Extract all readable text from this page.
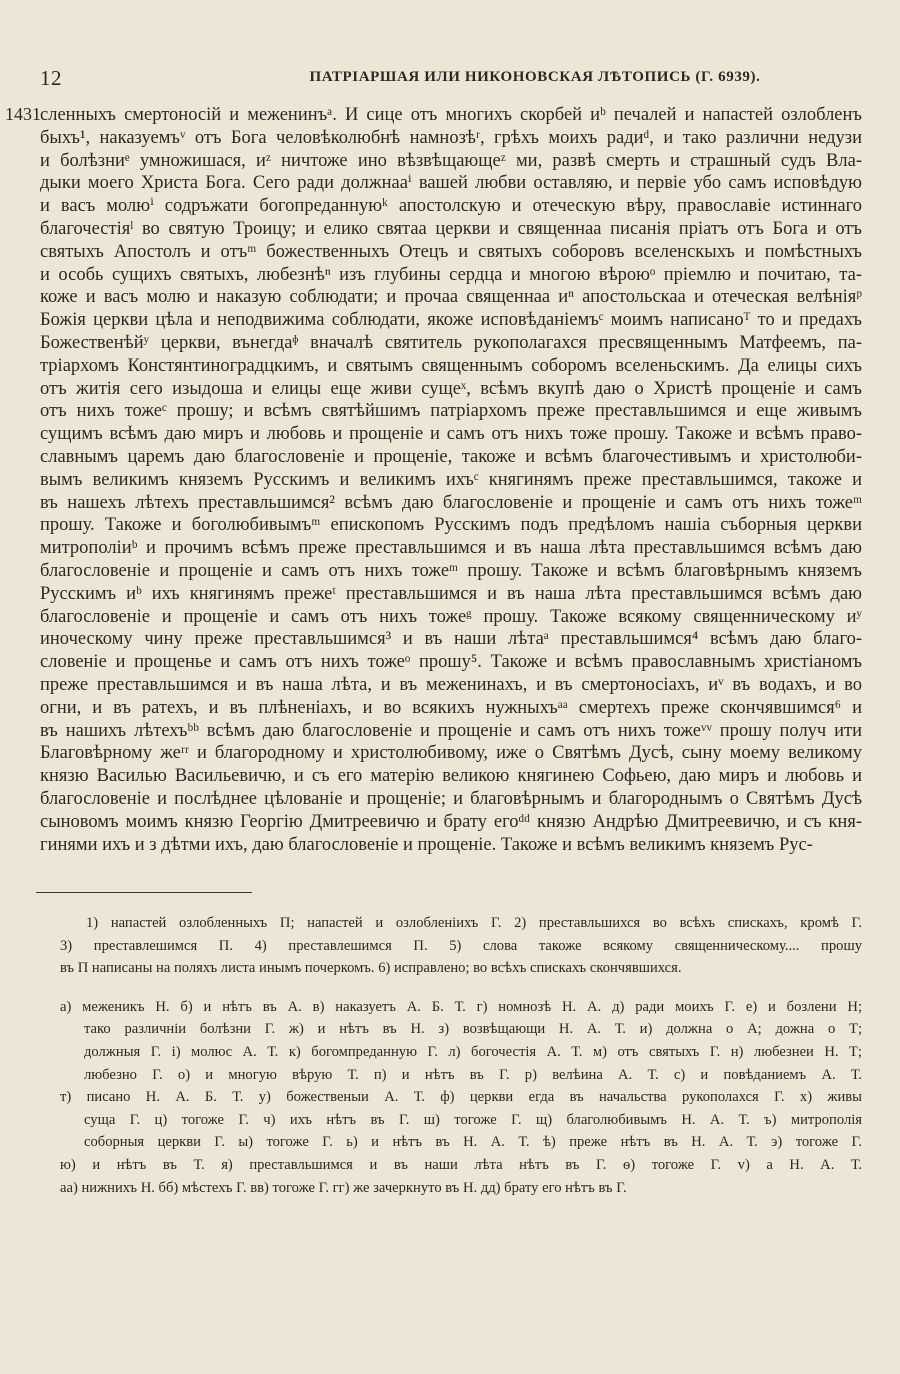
12	ПАТРІАРШАЯ ИЛИ НИКОНОВСКАЯ ЛѢТОПИСЬ (Г. 6939).
1431 сленныхъ смертоносій и меженинъᵃ. И сице отъ многихъ скорбей иᵇ печалей и напастей озлобленъ
быхъ¹, наказуемъᵛ отъ Бога человѣколюбнѣ намнозѣʳ, грѣхъ моихъ радиᵈ, и тако различни недузи
и болѣзниᵉ умножишася, иᶻ ничтоже ино вѣзвѣщающеᶻ ми, развѣ смерть и страшный судъ Вла-
дыки моего Христа Бога. Сего ради должнааⁱ вашей любви оставляю, и первіе убо самъ исповѣдую
и васъ молюⁱ содръжати богопреданнуюᵏ апостолскую и отеческую вѣру, православіе истиннаго
благочестіяˡ во святую Троицу; и елико святаа церкви и священнаа писанія пріатъ отъ Бога и отъ
святыхъ Апостолъ и отъᵐ божественныхъ Отецъ и святыхъ соборовъ вселенскыхъ и помѣстныхъ
и особь сущихъ святыхъ, любезнѣⁿ изъ глубины сердца и многою вѣроюᵒ пріемлю и почитаю, та-
коже и васъ молю и наказую соблюдати; и прочаа священнаа иⁿ апостольскаа и отеческая велѣніяᵖ
Божія церкви цѣла и неподвижима соблюдати, якоже исповѣданіемъᶜ моимъ написаноᵀ то и предахъ
Божественѣйʸ церкви, вънегдаᶲ вначалѣ святитель рукополагахся пресвященнымъ Матфеемъ, па-
тріархомъ Констянтиноградцкимъ, и святымъ священнымъ соборомъ вселеньскимъ. Да елицы сихъ
отъ житія сего изыдоша и елицы еще живи сущеˣ, всѣмъ вкупѣ даю о Христѣ прощеніе и самъ
отъ нихъ тожеᶜ прошу; и всѣмъ святѣйшимъ патріархомъ преже преставльшимся и еще живымъ
сущимъ всѣмъ даю миръ и любовь и прощеніе и самъ отъ нихъ тоже прошу. Такоже и всѣмъ право-
славнымъ царемъ даю благословеніе и прощеніе, такоже и всѣмъ благочестивымъ и христолюби-
вымъ великимъ княземъ Русскимъ и великимъ ихъᶜ княгинямъ преже преставльшимся, такоже и
въ нашехъ лѣтехъ преставльшимся² всѣмъ даю благословеніе и прощеніе и самъ отъ нихъ тожеᵐ
прошу. Такоже и боголюбивымъᵐ епископомъ Русскимъ подъ предѣломъ нашіа съборныя церкви
митрополіиᵇ и прочимъ всѣмъ преже преставльшимся и въ наша лѣта преставльшимся всѣмъ даю
благословеніе и прощеніе и самъ отъ нихъ тожеᵐ прошу. Такоже и всѣмъ благовѣрнымъ княземъ
Русскимъ иᵇ ихъ княгинямъ прежеᵗ преставльшимся и въ наша лѣта преставльшимся всѣмъ даю
благословеніе и прощеніе и самъ отъ нихъ тожеᵍ прошу. Такоже всякому священническому иʸ
иноческому чину преже преставльшимся³ и въ наши лѣтаᵃ преставльшимся⁴ всѣмъ даю благо-
словеніе и прощенье и самъ отъ нихъ тожеᵒ прошу⁵. Такоже и всѣмъ православнымъ христіаномъ
преже преставльшимся и въ наша лѣта, и въ меженинахъ, и въ смертоносіахъ, иᵛ въ водахъ, и во
огни, и въ ратехъ, и въ плѣненіахъ, и во всякихъ нужныхъᵃᵃ смертехъ преже скончявшимся⁶ и
въ нашихъ лѣтехъᵇᵇ всѣмъ даю благословеніе и прощеніе и самъ отъ нихъ тожеᵛᵛ прошу получ ити
Благовѣрному жеʳʳ и благородному и христолюбивому, иже о Святѣмъ Дусѣ, сыну моему великому
князю Василью Васильевичю, и съ его матерію великою княгинею Софьею, даю миръ и любовь и
благословеніе и послѣднее цѣлованіе и прощеніе; и благовѣрнымъ и благороднымъ о Святѣмъ Дусѣ
сыновомъ моимъ князю Георгію Дмитреевичю и брату егоᵈᵈ князю Андрѣю Дмитреевичю, и съ кня-
гинями ихъ и з дѣтми ихъ, даю благословеніе и прощеніе. Такоже и всѣмъ великимъ княземъ Рус-
1) напастей озлобленныхъ П; напастей и озлобленіихъ Г. 2) преставльшихся во всѣхъ спискахъ, кромѣ Г.
3) преставлешимся П. 4) преставлешимся П. 5) слова такоже всякому священническому.... прошу
въ П написаны на поляхъ листа инымъ почеркомъ. 6) исправлено; во всѣхъ спискахъ скончявшихся.
а) меженикъ Н. б) и нѣтъ въ А. в) наказуетъ А. Б. Т. г) номнозѣ Н. А. д) ради моихъ Г. е) и бозлени Н;
тако различніи болѣзни Г. ж) и нѣтъ въ Н. з) возвѣщающи Н. А. Т. и) должна о А; дожна о Т;
должныя Г. і) молюс А. Т. к) богомпреданную Г. л) богочестія А. Т. м) отъ святыхъ Г. н) любезнеи Н. Т;
любезно Г. о) и многую вѣрую Т. п) и нѣтъ въ Г. р) велѣина А. Т. с) и повѣданиемъ А. Т.
т) писано Н. А. Б. Т. у) божественыи А. Т. ф) церкви егда въ начальства рукополахся Г. х) живы
суща Г. ц) тогоже Г. ч) ихъ нѣтъ въ Г. ш) тогоже Г. щ) благолюбивымъ Н. А. Т. ъ) митрополія
соборныя церкви Г. ы) тогоже Г. ь) и нѣтъ въ Н. А. Т. ѣ) преже нѣтъ въ Н. А. Т. э) тогоже Г.
ю) и нѣтъ въ Т. я) преставльшимся и въ наши лѣта нѣтъ въ Г. ѳ) тогоже Г. v) а Н. А. Т.
аа) нижнихъ Н. бб) мѣстехъ Г. вв) тогоже Г. гг) же зачеркнуто въ Н. дд) брату его нѣтъ въ Г.
